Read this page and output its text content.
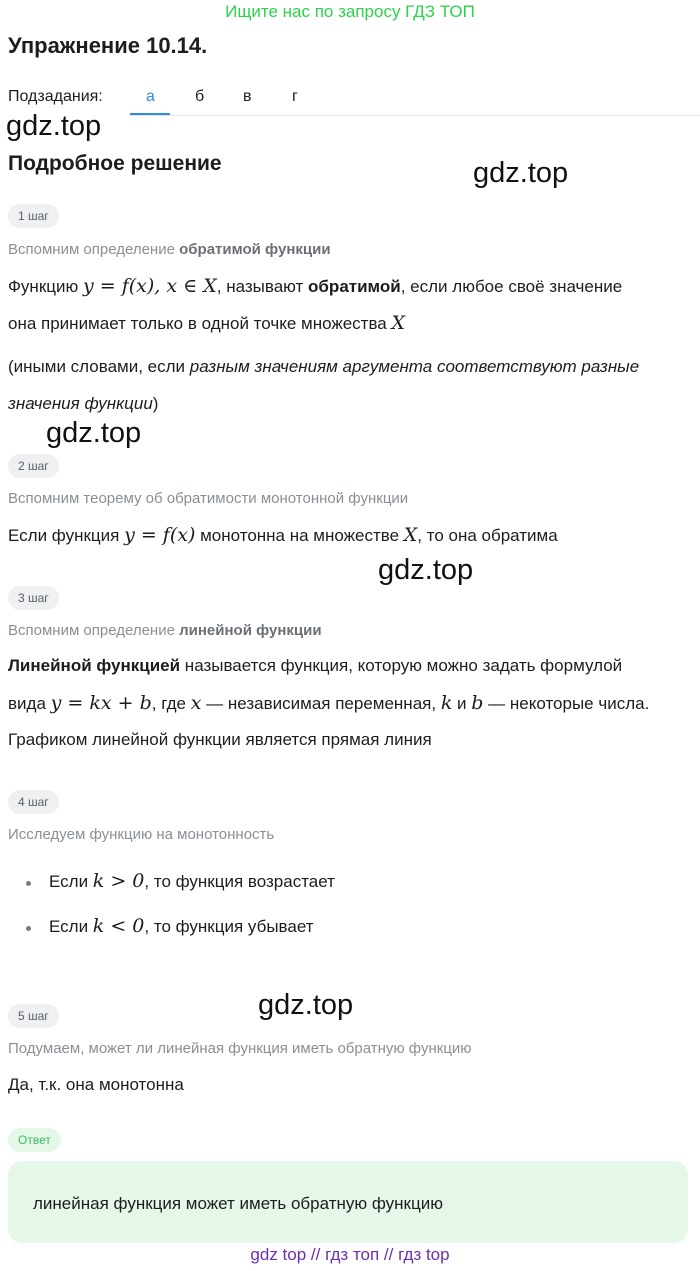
Ищите нас по запросу ГДЗ ТОП
Упражнение 10.14.
Подзадания:	а	б в	г
gdz.top
gdz.top
gdz.top
gdz.top
gdz.top
Подробное решение
1 шаг
Вспомним определение обратимой функции
Функцию y = f(x), x ∈ X, называют обратимой, если любое своё значение
она принимает только в одной точке множества X
(иными словами, если разным значениям аргумента соответствуют разные
значения функции)
2 шаг
Вспомним теорему об обратимости монотонной функции
Если функция y = f(x) монотонна на множестве X, то она обратима
3 шаг
Вспомним определение линейной функции
Линейной функцией называется функция, которую можно задать формулой
вида y = kx + b, где x — независимая переменная, k и b — некоторые числа.
Графиком линейной функции является прямая линия
4 шаг
Исследуем функцию на монотонность
Если k > 0, то функция возрастает
Если k < 0, то функция убывает
5 шаг
Подумаем, может ли линейная функция иметь обратную функцию
Да, т.к. она монотонна
Ответ
линейная функция может иметь обратную функцию
gdz top // гдз топ // гдз top
